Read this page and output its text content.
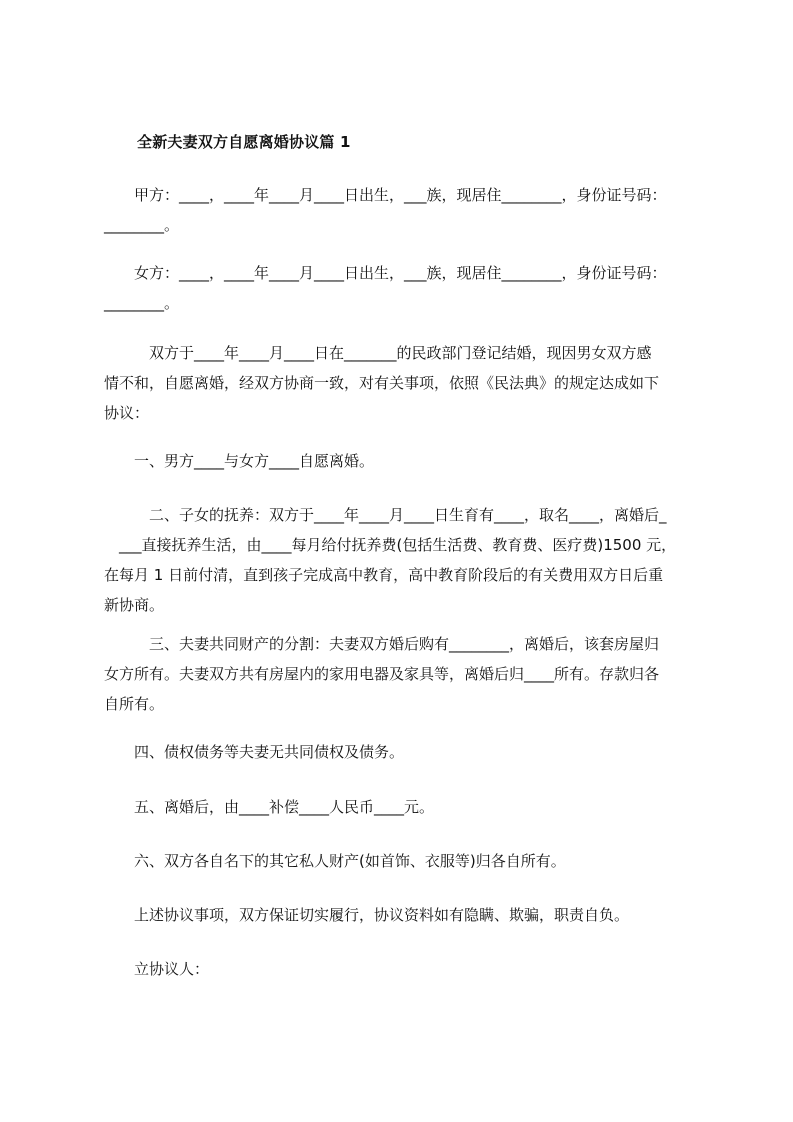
全新夫妻双方自愿离婚协议篇 1
　　甲方：____，____年____月____日出生，___族，现居住________，身份证号码：
________。
　　女方：____，____年____月____日出生，___族，现居住________，身份证号码：
________。
　　　双方于____年____月____日在_______的民政部门登记结婚，现因男女双方感
情不和，自愿离婚，经双方协商一致，对有关事项，依照《民法典》的规定达成如下
协议：
　　一、男方____与女方____自愿离婚。
　　　二、子女的抚养：双方于____年____月____日生育有____，取名____，离婚后_
　___直接抚养生活，由____每月给付抚养费(包括生活费、教育费、医疗费)1500 元，
在每月 1 日前付清，直到孩子完成高中教育，高中教育阶段后的有关费用双方日后重
新协商。
　　　三、夫妻共同财产的分割：夫妻双方婚后购有________，离婚后，该套房屋归
女方所有。夫妻双方共有房屋内的家用电器及家具等，离婚后归____所有。存款归各
自所有。
　　四、债权债务等夫妻无共同债权及债务。
　　五、离婚后，由____补偿____人民币____元。
　　六、双方各自名下的其它私人财产(如首饰、衣服等)归各自所有。
　　上述协议事项，双方保证切实履行，协议资料如有隐瞒、欺骗，职责自负。
　　立协议人：
